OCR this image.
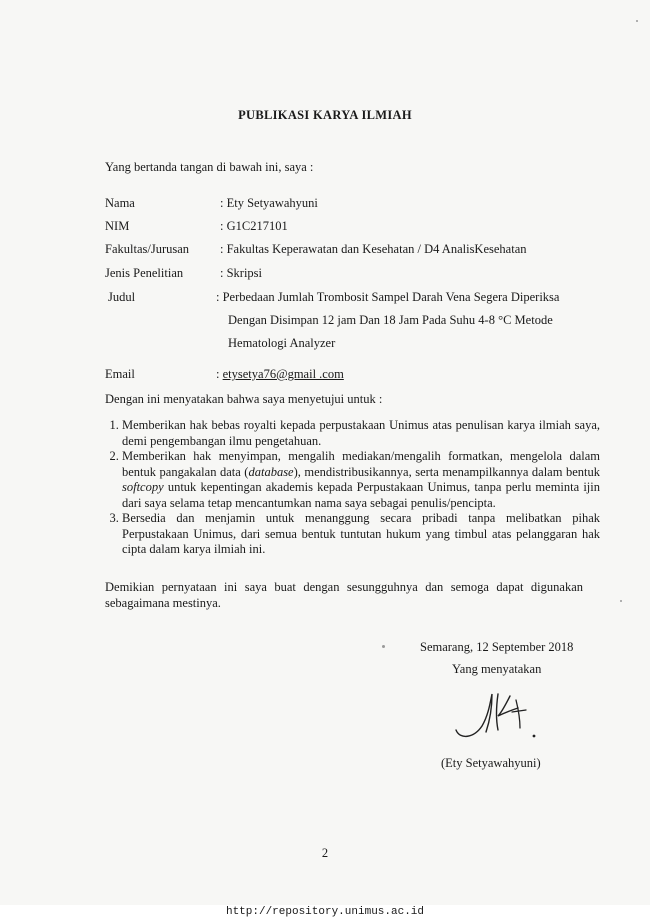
PUBLIKASI KARYA ILMIAH
Yang bertanda tangan di bawah ini, saya :
Nama	: Ety Setyawahyuni
NIM	: G1C217101
Fakultas/Jurusan : Fakultas Keperawatan dan Kesehatan / D4 AnalisKesehatan
Jenis Penelitian	: Skripsi
Judul	: Perbedaan Jumlah Trombosit Sampel Darah Vena Segera Diperiksa
Dengan Disimpan 12 jam Dan 18 Jam Pada Suhu 4-8 °C Metode
Hematologi Analyzer
Email	: etysetya76@gmail .com
Dengan ini menyatakan bahwa saya menyetujui untuk :
1. Memberikan hak bebas royalti kepada perpustakaan Unimus atas penulisan karya ilmiah saya, demi pengembangan ilmu pengetahuan.
2. Memberikan hak menyimpan, mengalih mediakan/mengalih formatkan, mengelola dalam bentuk pangakalan data (database), mendistribusikannya, serta menampilkannya dalam bentuk softcopy untuk kepentingan akademis kepada Perpustakaan Unimus, tanpa perlu meminta ijin dari saya selama tetap mencantumkan nama saya sebagai penulis/pencipta.
3. Bersedia dan menjamin untuk menanggung secara pribadi tanpa melibatkan pihak Perpustakaan Unimus, dari semua bentuk tuntutan hukum yang timbul atas pelanggaran hak cipta dalam karya ilmiah ini.
Demikian pernyataan ini saya buat dengan sesungguhnya dan semoga dapat digunakan sebagaimana mestinya.
Semarang, 12 September 2018
Yang menyatakan
(Ety Setyawahyuni)
2
http://repository.unimus.ac.id
